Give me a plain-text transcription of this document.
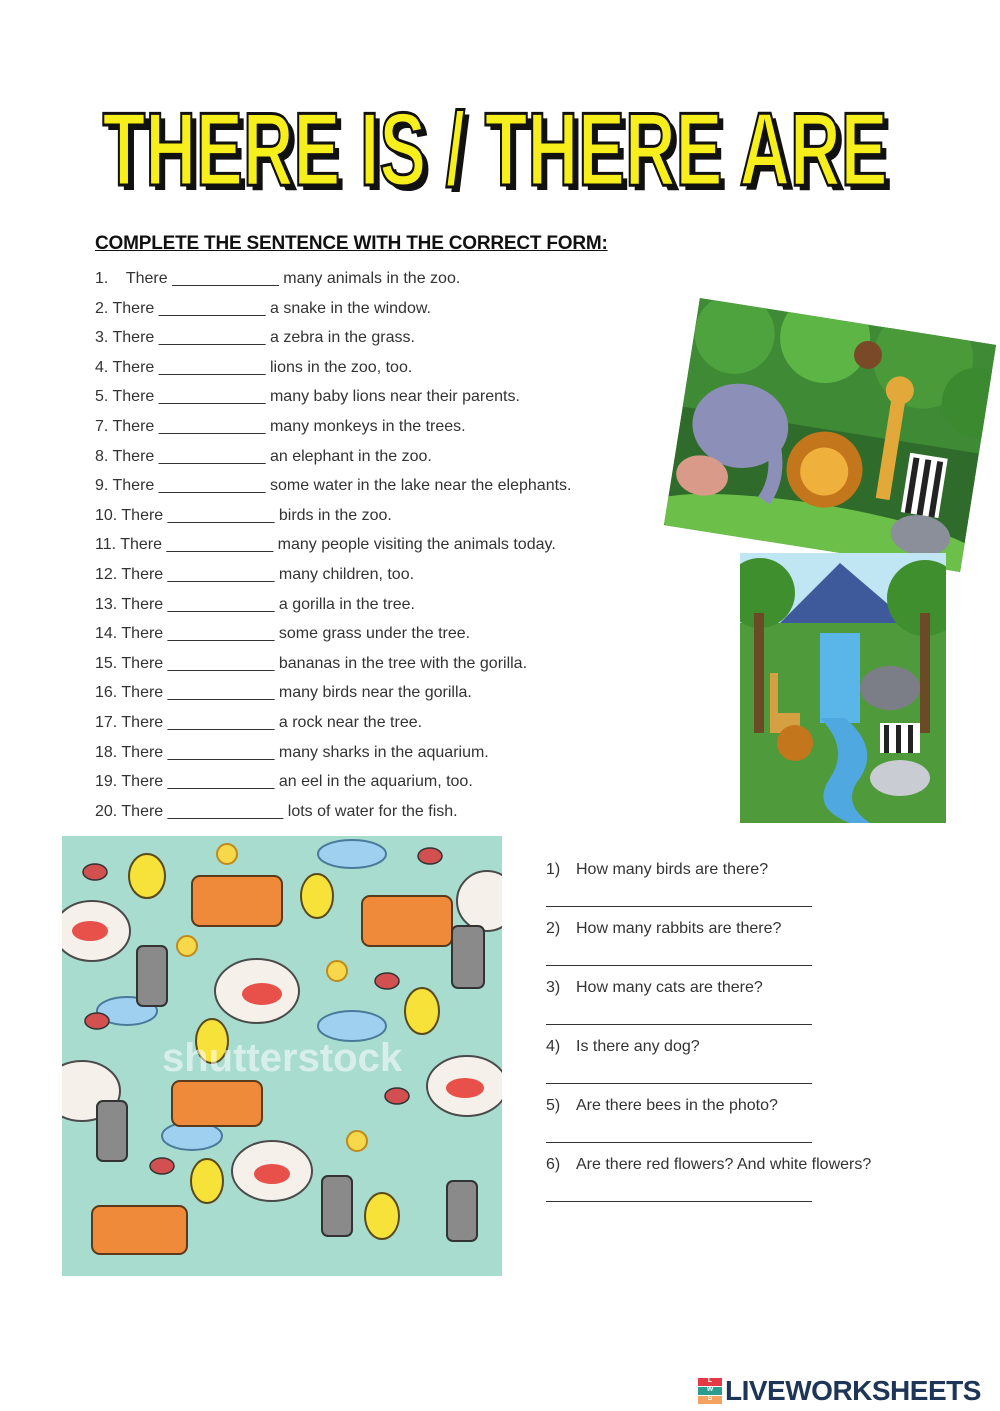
THERE IS / THERE ARE
THERE IS / THERE ARE
COMPLETE THE SENTENCE WITH THE CORRECT FORM:
1.    There ____________ many animals in the zoo.
2. There ____________ a snake in the window.
3. There ____________ a zebra in the grass.
4. There ____________ lions in the zoo, too.
5. There ____________ many baby lions near their parents.
7. There ____________ many monkeys in the trees.
8. There ____________ an elephant in the zoo.
9. There ____________ some water in the lake near the elephants.
10. There ____________ birds in the zoo.
11. There ____________ many people visiting the animals today.
12. There ____________ many children, too.
13. There ____________ a gorilla in the tree.
14. There ____________ some grass under the tree.
15. There ____________ bananas in the tree with the gorilla.
16. There ____________ many birds near the gorilla.
17. There ____________ a rock near the tree.
18. There ____________ many sharks in the aquarium.
19. There ____________ an eel in the aquarium, too.
20. There _____________ lots of water for the fish.
shutterstock
1) How many birds are there?
2) How many rabbits are there?
3) How many cats are there?
4) Is there any dog?
5) Are there bees in the photo?
6) Are there red flowers? And white flowers?
L
W
S LIVEWORKSHEETS
